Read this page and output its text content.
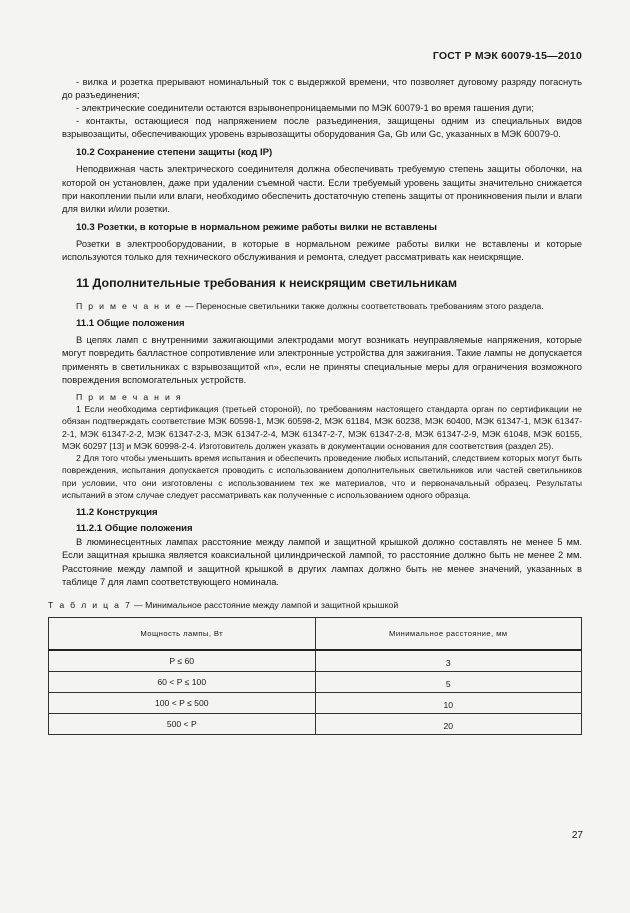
ГОСТ Р МЭК 60079-15—2010

- вилка и розетка прерывают номинальный ток с выдержкой времени, что позволяет дуговому разряду погаснуть до разъединения;

- электрические соединители остаются взрывонепроницаемыми по МЭК 60079-1 во время гашения дуги;

- контакты, остающиеся под напряжением после разъединения, защищены одним из специальных видов взрывозащиты, обеспечивающих уровень взрывозащиты оборудования Ga, Gb или Gc, указанных в МЭК 60079-0.

10.2 Сохранение степени защиты (код IP)

Неподвижная часть электрического соединителя должна обеспечивать требуемую степень защиты оболочки, на которой он установлен, даже при удалении съемной части. Если требуемый уровень защиты значительно снижается при накоплении пыли или влаги, необходимо обеспечить достаточную степень защиты от проникновения пыли и влаги для вилки и/или розетки.

10.3 Розетки, в которые в нормальном режиме работы вилки не вставлены

Розетки в электрооборудовании, в которые в нормальном режиме работы вилки не вставлены и которые используются только для технического обслуживания и ремонта, следует рассматривать как неискрящие.

11 Дополнительные требования к неискрящим светильникам

П р и м е ч а н и е — Переносные светильники также должны соответствовать требованиям этого раздела.

11.1 Общие положения

В цепях ламп с внутренними зажигающими электродами могут возникать неуправляемые напряжения, которые могут повредить балластное сопротивление или электронные устройства для зажигания. Такие лампы не допускается применять в светильниках с взрывозащитой «n», если не приняты специальные меры для ограничения возможного повреждения вспомогательных устройств.

П р и м е ч а н и я

1 Если необходима сертификация (третьей стороной), по требованиям настоящего стандарта орган по сертификации не обязан подтверждать соответствие МЭК 60598-1, МЭК 60598-2, МЭК 61184, МЭК 60238, МЭК 60400, МЭК 61347-1, МЭК 61347-2-1, МЭК 61347-2-2, МЭК 61347-2-3, МЭК 61347-2-4, МЭК 61347-2-7, МЭК 61347-2-8, МЭК 61347-2-9, МЭК 61048, МЭК 60155, МЭК 60297 [13] и МЭК 60998-2-4. Изготовитель должен указать в документации основания для соответствия (раздел 25).

2 Для того чтобы уменьшить время испытания и обеспечить проведение любых испытаний, следствием которых могут быть повреждения, испытания допускается проводить с использованием дополнительных светильников или частей светильников при условии, что они изготовлены с использованием тех же материалов, что и первоначальный образец. Результаты испытаний в этом случае следует рассматривать как полученные с использованием одного образца.

11.2 Конструкция
11.2.1 Общие положения

В люминесцентных лампах расстояние между лампой и защитной крышкой должно составлять не менее 5 мм. Если защитная крышка является коаксиальной цилиндрической лампой, то расстояние должно быть не менее 2 мм. Расстояние между лампой и защитной крышкой в других лампах должно быть не менее значений, указанных в таблице 7 для ламп соответствующего номинала.

Т а б л и ц а 7 — Минимальное расстояние между лампой и защитной крышкой
Мощность лампы, Вт	Минимальное расстояние, мм
P ≤ 60	3
60 < P ≤ 100	5
100 < P ≤ 500	10
500 < P	20
27
